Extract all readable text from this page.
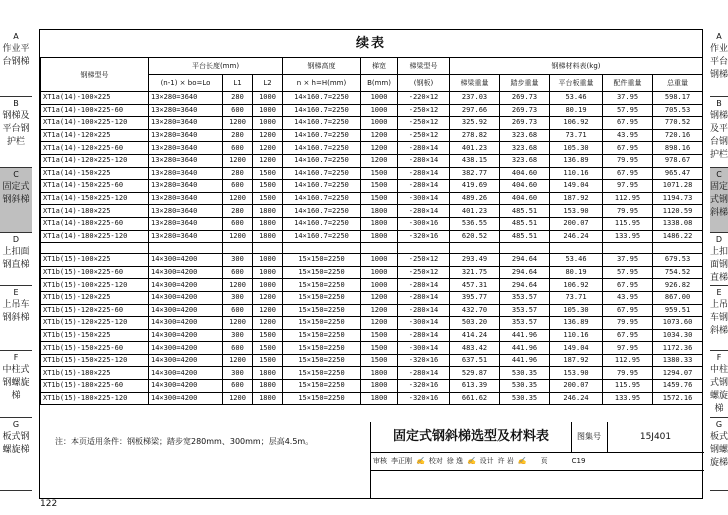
A
作业平台钢梯
B
钢梯及平台钢护栏
C
固定式钢斜梯
D
上扣面钢直梯
E
上吊车钢斜梯
F
中柱式钢螺旋梯
G
板式钢螺旋梯
A
作业平台钢梯
B
钢梯及平台钢护栏
C
固定式钢斜梯
D
上扣面钢直梯
E
上吊车钢斜梯
F
中柱式钢螺旋梯
G
板式钢螺旋梯
续表
钢梯型号	平台长度(mm)			钢梯高度	梯宽	梯梁型号	钢梯材料表(kg)				
	(n-1) × bo=Lo	L1	L2	n × h=H(mm)	B(mm)	(钢板)	梯梁重量	踏步重量	平台板重量	配件重量	总重量
XT1a(14)-100×225	13×280=3640	280	1000	14×160.7=2250	1000	-220×12	237.03	269.73	53.46	37.95	598.17
XT1a(14)-100×225-60	13×280=3640	600	1000	14×160.7=2250	1000	-250×12	297.66	269.73	80.19	57.95	705.53
XT1a(14)-100×225-120	13×280=3640	1200	1000	14×160.7=2250	1000	-250×12	325.92	269.73	106.92	67.95	770.52
XT1a(14)-120×225	13×280=3640	280	1200	14×160.7=2250	1200	-250×12	278.82	323.68	73.71	43.95	720.16
XT1a(14)-120×225-60	13×280=3640	600	1200	14×160.7=2250	1200	-280×14	401.23	323.68	105.30	67.95	898.16
XT1a(14)-120×225-120	13×280=3640	1200	1200	14×160.7=2250	1200	-280×14	438.15	323.68	136.89	79.95	978.67
XT1a(14)-150×225	13×280=3640	280	1500	14×160.7=2250	1500	-280×14	382.77	404.60	110.16	67.95	965.47
XT1a(14)-150×225-60	13×280=3640	600	1500	14×160.7=2250	1500	-280×14	419.69	404.60	149.04	97.95	1071.28
XT1a(14)-150×225-120	13×280=3640	1200	1500	14×160.7=2250	1500	-300×14	489.26	404.60	187.92	112.95	1194.73
XT1a(14)-180×225	13×280=3640	280	1800	14×160.7=2250	1800	-280×14	401.23	485.51	153.90	79.95	1120.59
XT1a(14)-180×225-60	13×280=3640	600	1800	14×160.7=2250	1800	-300×16	536.55	485.51	200.07	115.95	1338.08
XT1a(14)-180×225-120	13×280=3640	1200	1800	14×160.7=2250	1800	-320×16	620.52	485.51	246.24	133.95	1486.22

XT1b(15)-100×225	14×300=4200	300	1000	15×150=2250	1000	-250×12	293.49	294.64	53.46	37.95	679.53
XT1b(15)-100×225-60	14×300=4200	600	1000	15×150=2250	1000	-250×12	321.75	294.64	80.19	57.95	754.52
XT1b(15)-100×225-120	14×300=4200	1200	1000	15×150=2250	1000	-280×14	457.31	294.64	106.92	67.95	926.82
XT1b(15)-120×225	14×300=4200	300	1200	15×150=2250	1200	-280×14	395.77	353.57	73.71	43.95	867.00
XT1b(15)-120×225-60	14×300=4200	600	1200	15×150=2250	1200	-280×14	432.70	353.57	105.30	67.95	959.51
XT1b(15)-120×225-120	14×300=4200	1200	1200	15×150=2250	1200	-300×14	503.20	353.57	136.89	79.95	1073.60
XT1b(15)-150×225	14×300=4200	300	1500	15×150=2250	1500	-280×14	414.24	441.96	110.16	67.95	1034.30
XT1b(15)-150×225-60	14×300=4200	600	1500	15×150=2250	1500	-300×14	483.42	441.96	149.04	97.95	1172.36
XT1b(15)-150×225-120	14×300=4200	1200	1500	15×150=2250	1500	-320×16	637.51	441.96	187.92	112.95	1380.33
XT1b(15)-180×225	14×300=4200	300	1800	15×150=2250	1800	-280×14	529.87	530.35	153.90	79.95	1294.07
XT1b(15)-180×225-60	14×300=4200	600	1800	15×150=2250	1800	-320×16	613.39	530.35	200.07	115.95	1459.76
XT1b(15)-180×225-120	14×300=4200	1200	1800	15×150=2250	1800	-320×16	661.62	530.35	246.24	133.95	1572.16
注：本页适用条件：钢板梯梁；踏步宽280mm、300mm；层高4.5m。	固定式钢斜梯选型及材料表	图集号	15J401
审核 李正刚 ✍ 校对 徐 逸 ✍ 设计 许 岩 ✍ 页	C19
122
